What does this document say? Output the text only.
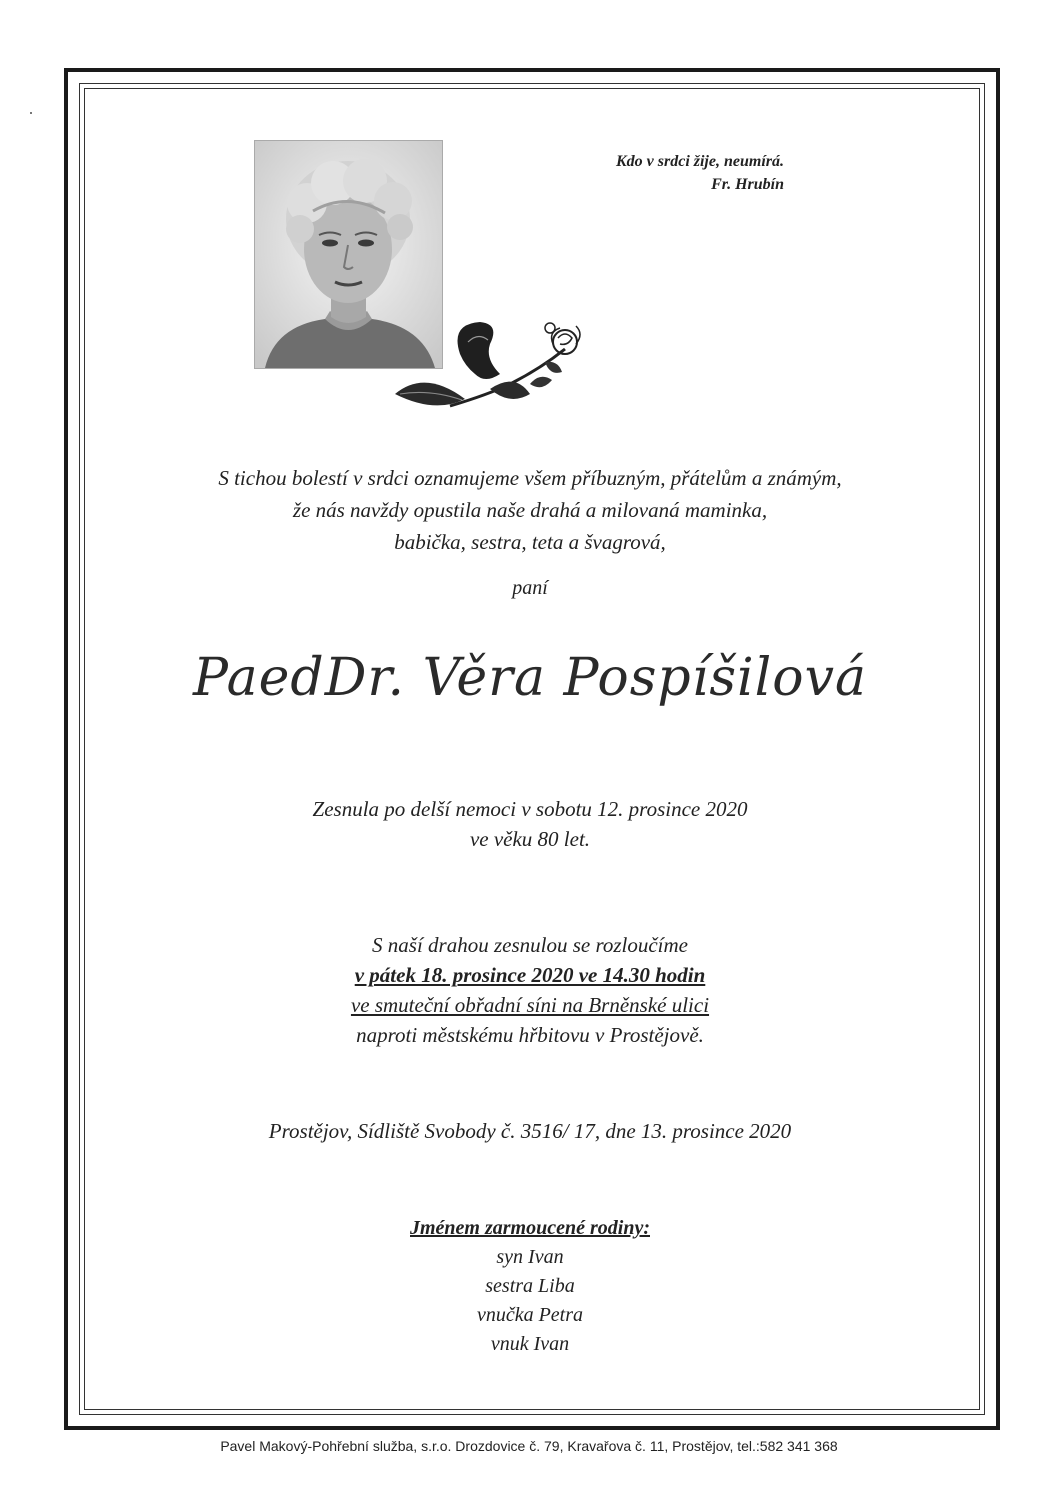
Kdo v srdci žije, neumírá.
Fr. Hrubín
S tichou bolestí v srdci oznamujeme všem příbuzným, přátelům a známým,
že nás navždy opustila naše drahá a milovaná maminka,
babička, sestra, teta a švagrová,
paní
PaedDr. Věra Pospíšilová
Zesnula po delší nemoci v sobotu 12. prosince 2020
ve věku 80 let.
S naší drahou zesnulou se rozloučíme
v pátek 18. prosince 2020 ve 14.30 hodin
ve smuteční obřadní síni na Brněnské ulici
naproti městskému hřbitovu v Prostějově.
Prostějov, Sídliště Svobody č. 3516/ 17, dne 13. prosince 2020
Jménem zarmoucené rodiny:
syn Ivan
sestra Liba
vnučka Petra
vnuk Ivan
Pavel Makový-Pohřební služba, s.r.o. Drozdovice č. 79, Kravařova č. 11, Prostějov, tel.:582 341 368
